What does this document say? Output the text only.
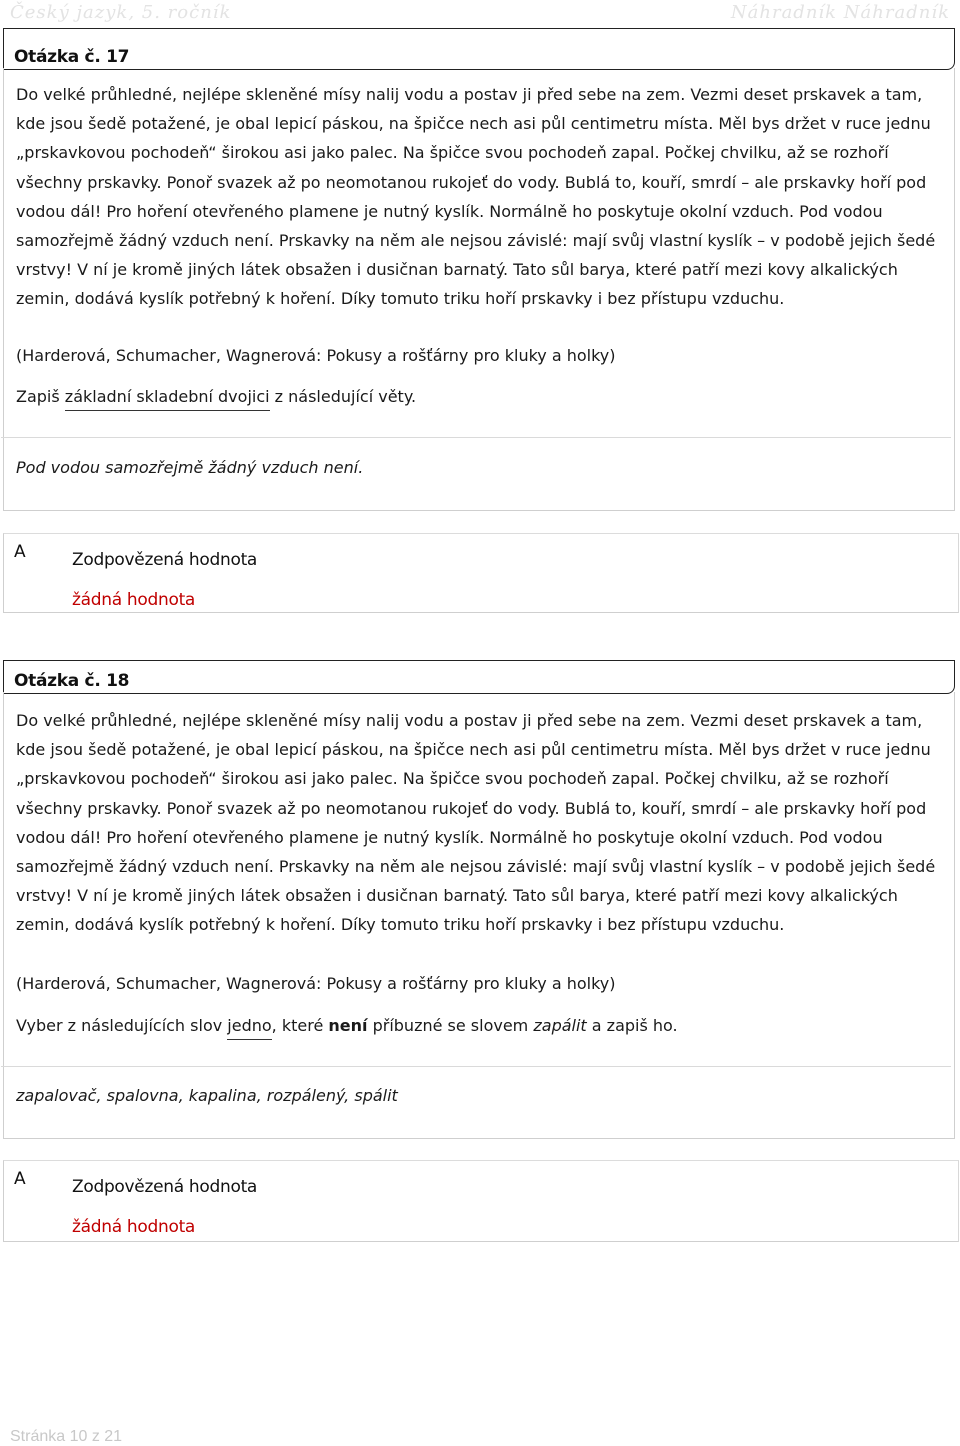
Český jazyk, 5. ročník	Náhradník Náhradník
Otázka č. 17

Do velké průhledné, nejlépe skleněné mísy nalij vodu a postav ji před sebe na zem. Vezmi deset prskavek a tam, kde jsou šedě potažené, je obal lepicí páskou, na špičce nech asi půl centimetru místa. Měl bys držet v ruce jednu „prskavkovou pochodeň“ širokou asi jako palec. Na špičce svou pochodeň zapal. Počkej chvilku, až se rozhoří všechny prskavky. Ponoř svazek až po neomotanou rukojeť do vody. Bublá to, kouří, smrdí – ale prskavky hoří pod vodou dál! Pro hoření otevřeného plamene je nutný kyslík. Normálně ho poskytuje okolní vzduch. Pod vodou samozřejmě žádný vzduch není. Prskavky na něm ale nejsou závislé: mají svůj vlastní kyslík – v podobě jejich šedé vrstvy! V ní je kromě jiných látek obsažen i dusičnan barnatý. Tato sůl barya, které patří mezi kovy alkalických zemin, dodává kyslík potřebný k hoření. Díky tomuto triku hoří prskavky i bez přístupu vzduchu.

(Harderová, Schumacher, Wagnerová: Pokusy a rošťárny pro kluky a holky)
Zapiš základní skladební dvojici z následující věty.
Pod vodou samozřejmě žádný vzduch není.
A	Zodpovězená hodnota
žádná hodnota
Otázka č. 18

Do velké průhledné, nejlépe skleněné mísy nalij vodu a postav ji před sebe na zem. Vezmi deset prskavek a tam, kde jsou šedě potažené, je obal lepicí páskou, na špičce nech asi půl centimetru místa. Měl bys držet v ruce jednu „prskavkovou pochodeň“ širokou asi jako palec. Na špičce svou pochodeň zapal. Počkej chvilku, až se rozhoří všechny prskavky. Ponoř svazek až po neomotanou rukojeť do vody. Bublá to, kouří, smrdí – ale prskavky hoří pod vodou dál! Pro hoření otevřeného plamene je nutný kyslík. Normálně ho poskytuje okolní vzduch. Pod vodou samozřejmě žádný vzduch není. Prskavky na něm ale nejsou závislé: mají svůj vlastní kyslík – v podobě jejich šedé vrstvy! V ní je kromě jiných látek obsažen i dusičnan barnatý. Tato sůl barya, které patří mezi kovy alkalických zemin, dodává kyslík potřebný k hoření. Díky tomuto triku hoří prskavky i bez přístupu vzduchu.

(Harderová, Schumacher, Wagnerová: Pokusy a rošťárny pro kluky a holky)
Vyber z následujících slov jedno, které není příbuzné se slovem zapálit a zapiš ho.
zapalovač, spalovna, kapalina, rozpálený, spálit
A	Zodpovězená hodnota
žádná hodnota
Stránka 10 z 21
